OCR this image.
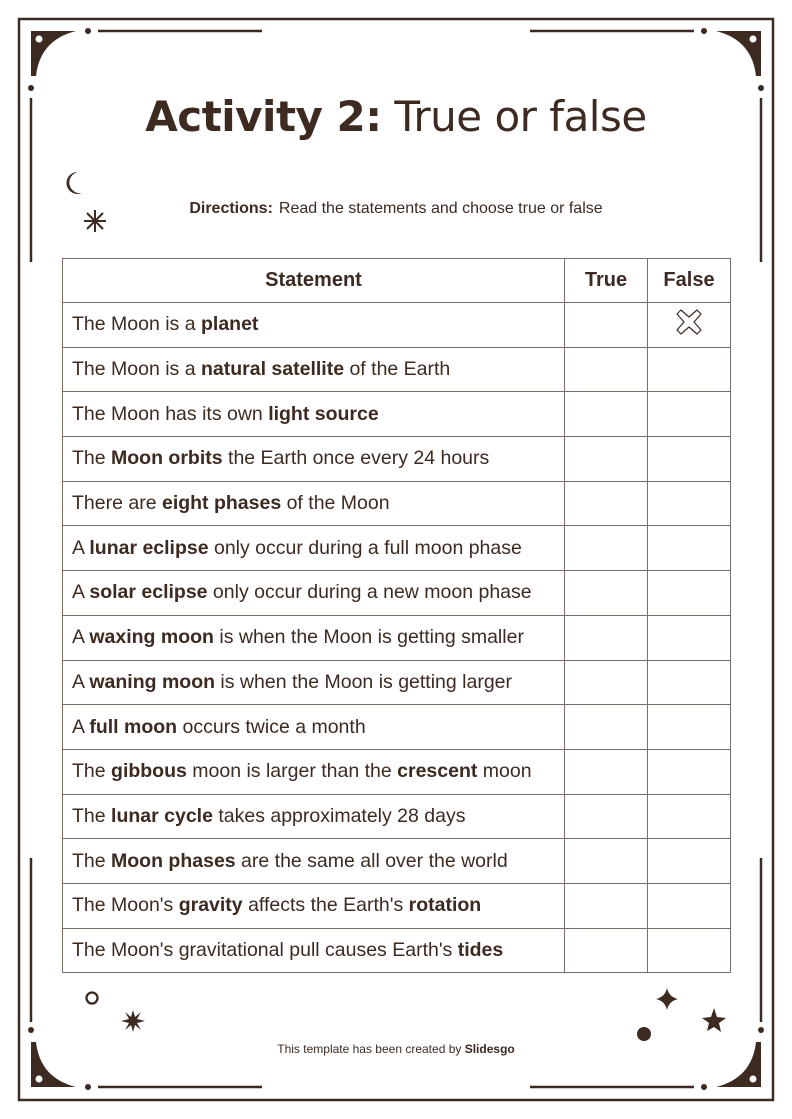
Activity 2: True or false
Directions: Read the statements and choose true or false
Statement	True	False
The Moon is a planet		
The Moon is a natural satellite of the Earth		
The Moon has its own light source		
The Moon orbits the Earth once every 24 hours		
There are eight phases of the Moon		
A lunar eclipse only occur during a full moon phase		
A solar eclipse only occur during a new moon phase		
A waxing moon is when the Moon is getting smaller		
A waning moon is when the Moon is getting larger		
A full moon occurs twice a month		
The gibbous moon is larger than the crescent moon		
The lunar cycle takes approximately 28 days		
The Moon phases are the same all over the world		
The Moon's gravity affects the Earth's rotation		
The Moon's gravitational pull causes Earth's tides		
This template has been created by Slidesgo
